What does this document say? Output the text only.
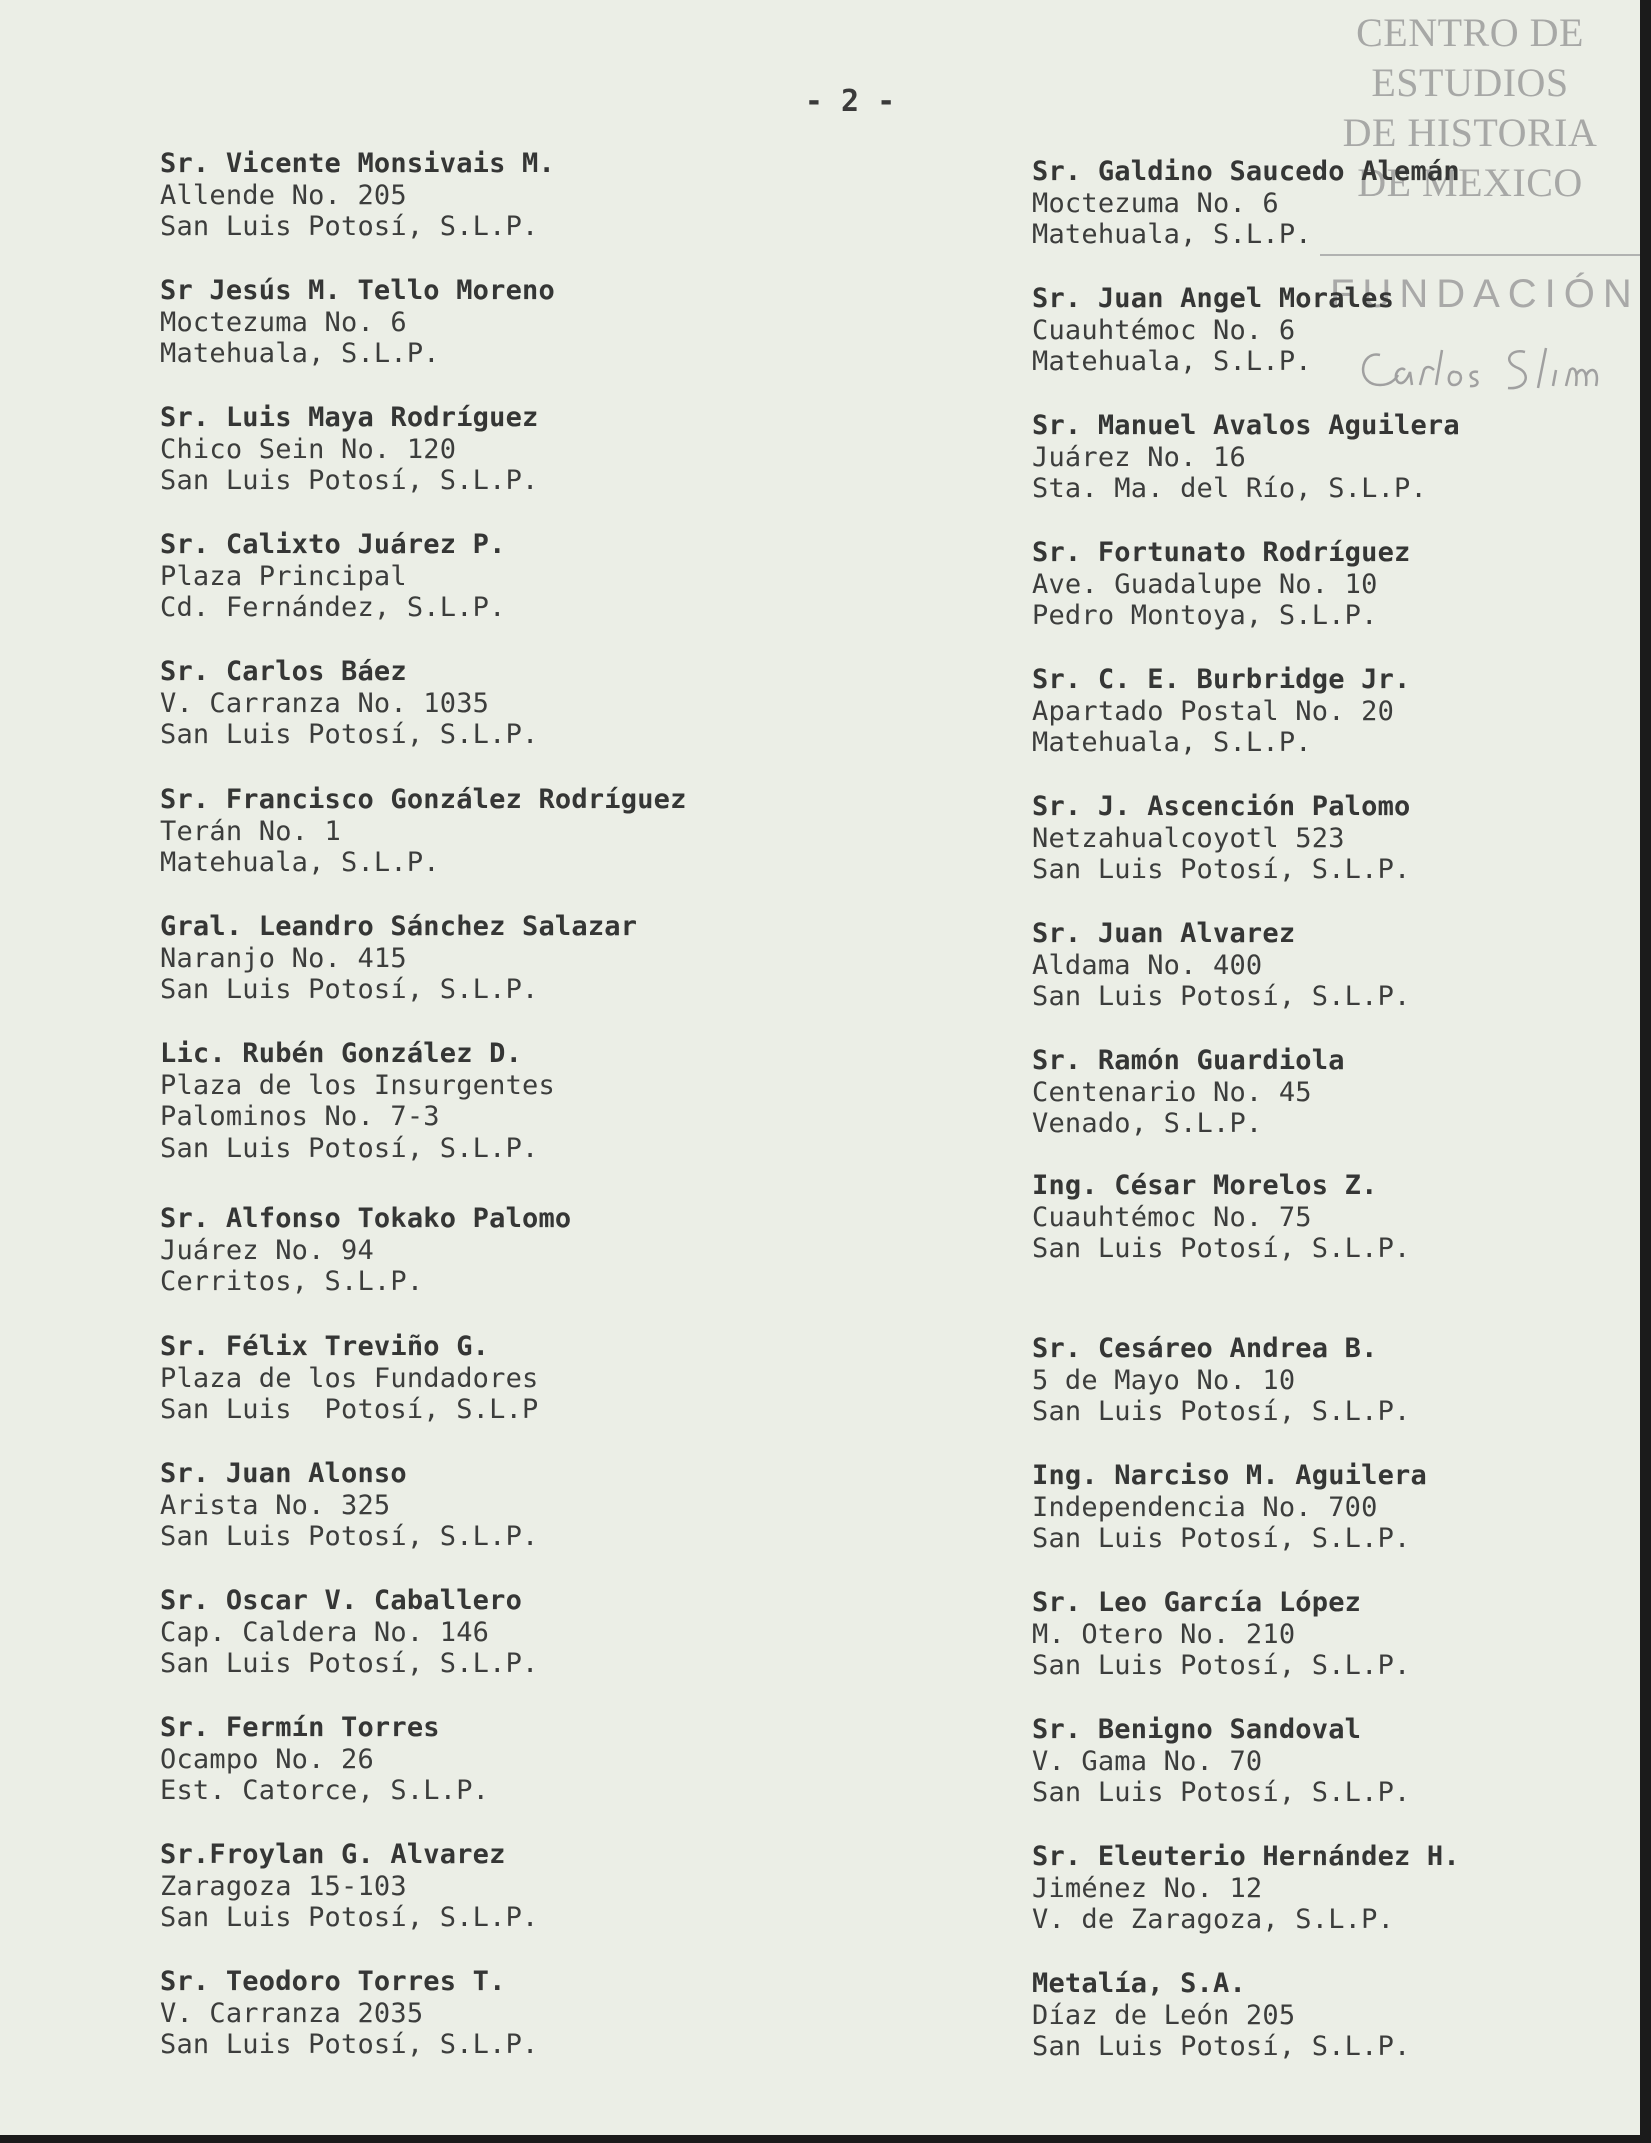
- 2 -
CENTRO DE
ESTUDIOS
DE HISTORIA
DE MEXICO
FUNDACIÓN
Sr. Vicente Monsivais M.
Allende No. 205
San Luis Potosí, S.L.P.
Sr Jesús M. Tello Moreno
Moctezuma No. 6
Matehuala, S.L.P.
Sr. Luis Maya Rodríguez
Chico Sein No. 120
San Luis Potosí, S.L.P.
Sr. Calixto Juárez P.
Plaza Principal
Cd. Fernández, S.L.P.
Sr. Carlos Báez
V. Carranza No. 1035
San Luis Potosí, S.L.P.
Sr. Francisco González Rodríguez
Terán No. 1
Matehuala, S.L.P.
Gral. Leandro Sánchez Salazar
Naranjo No. 415
San Luis Potosí, S.L.P.
Lic. Rubén González D.
Plaza de los Insurgentes
Palominos No. 7-3
San Luis Potosí, S.L.P.
Sr. Alfonso Tokako Palomo
Juárez No. 94
Cerritos, S.L.P.
Sr. Félix Treviño G.
Plaza de los Fundadores
San Luis  Potosí, S.L.P
Sr. Juan Alonso
Arista No. 325
San Luis Potosí, S.L.P.
Sr. Oscar V. Caballero
Cap. Caldera No. 146
San Luis Potosí, S.L.P.
Sr. Fermín Torres
Ocampo No. 26
Est. Catorce, S.L.P.
Sr.Froylan G. Alvarez
Zaragoza 15-103
San Luis Potosí, S.L.P.
Sr. Teodoro Torres T.
V. Carranza 2035
San Luis Potosí, S.L.P.
Sr. Galdino Saucedo Alemán
Moctezuma No. 6
Matehuala, S.L.P.
Sr. Juan Angel Morales
Cuauhtémoc No. 6
Matehuala, S.L.P.
Sr. Manuel Avalos Aguilera
Juárez No. 16
Sta. Ma. del Río, S.L.P.
Sr. Fortunato Rodríguez
Ave. Guadalupe No. 10
Pedro Montoya, S.L.P.
Sr. C. E. Burbridge Jr.
Apartado Postal No. 20
Matehuala, S.L.P.
Sr. J. Ascención Palomo
Netzahualcoyotl 523
San Luis Potosí, S.L.P.
Sr. Juan Alvarez
Aldama No. 400
San Luis Potosí, S.L.P.
Sr. Ramón Guardiola
Centenario No. 45
Venado, S.L.P.
Ing. César Morelos Z.
Cuauhtémoc No. 75
San Luis Potosí, S.L.P.
Sr. Cesáreo Andrea B.
5 de Mayo No. 10
San Luis Potosí, S.L.P.
Ing. Narciso M. Aguilera
Independencia No. 700
San Luis Potosí, S.L.P.
Sr. Leo García López
M. Otero No. 210
San Luis Potosí, S.L.P.
Sr. Benigno Sandoval
V. Gama No. 70
San Luis Potosí, S.L.P.
Sr. Eleuterio Hernández H.
Jiménez No. 12
V. de Zaragoza, S.L.P.
Metalía, S.A.
Díaz de León 205
San Luis Potosí, S.L.P.
